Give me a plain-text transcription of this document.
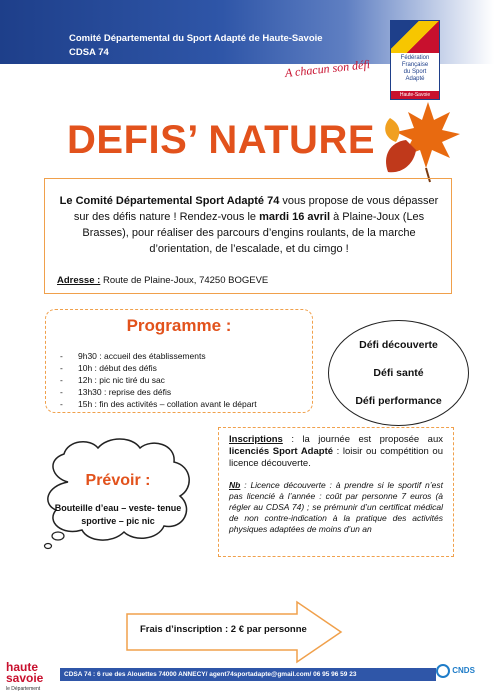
Comité Départemental du Sport Adapté de Haute-Savoie
CDSA 74	Fédération
Française
du Sport
Adapté
Haute-Savoie
A chacun son défi
DEFIS’ NATURE

Le Comité Départemental Sport Adapté 74 vous propose de vous dépasser sur des défis nature ! Rendez-vous le mardi 16 avril à Plaine-Joux (Les Brasses), pour réaliser des parcours d’engins roulants, de la marche d’orientation, de l’escalade, et du cimgo !

Adresse : Route de Plaine-Joux, 74250 BOGEVE
Programme :
- 9h30 : accueil des établissements
- 10h : début des défis
- 12h : pic nic tiré du sac
- 13h30 : reprise des défis
- 15h : fin des activités – collation avant le départ
Défi découverte
Défi santé
Défi performance
Prévoir :
Bouteille d’eau – veste- tenue sportive – pic nic
Inscriptions : la journée est proposée aux licenciés Sport Adapté : loisir ou compétition ou licence découverte.
Nb : Licence découverte : à prendre si le sportif n’est pas licencié à l’année : coût par personne 7 euros (à régler au CDSA 74) ; se prémunir d’un certificat médical de non contre-indication à la pratique des activités physiques adaptées de moins d’un an
Frais d’inscription : 2 € par personne
haute
savoie
le Département
CDSA 74 : 6 rue des Alouettes 74000 ANNECY/ agent74sportadapte@gmail.com/ 06 95 96 59 23	CNDS
